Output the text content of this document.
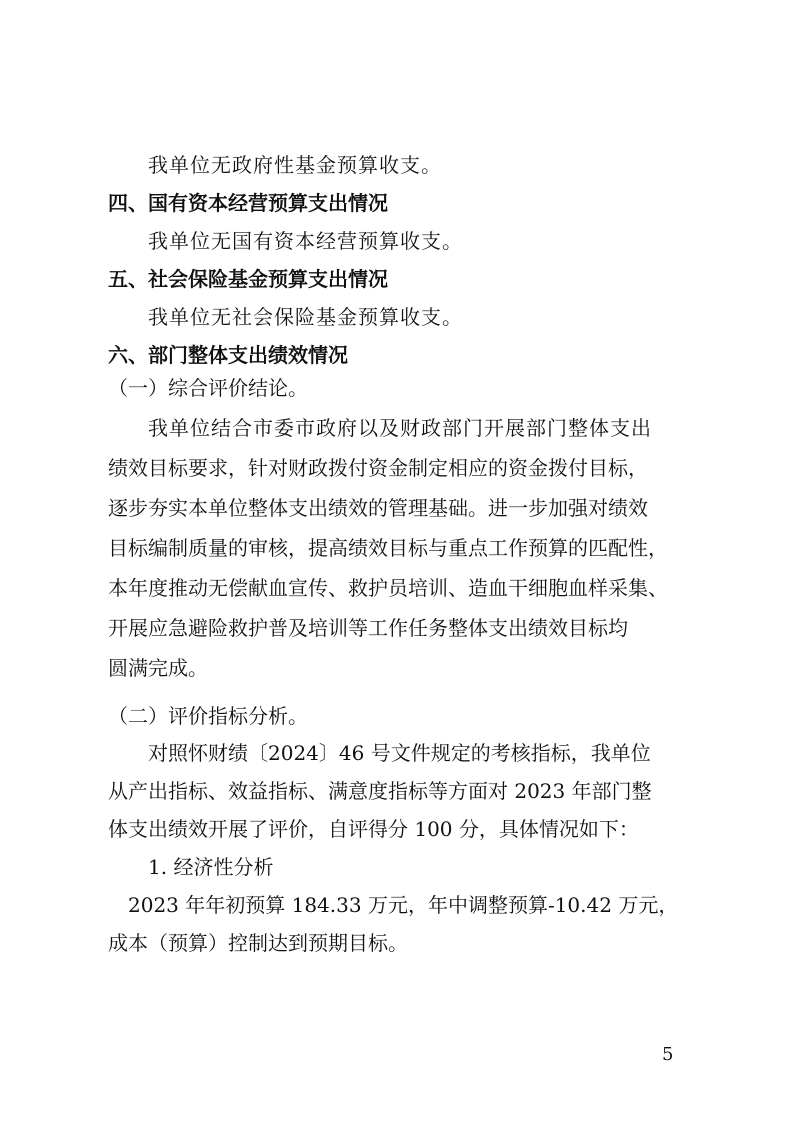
我单位无政府性基金预算收支。
四、国有资本经营预算支出情况
我单位无国有资本经营预算收支。
五、社会保险基金预算支出情况
我单位无社会保险基金预算收支。
六、部门整体支出绩效情况
（一）综合评价结论。
我单位结合市委市政府以及财政部门开展部门整体支出
绩效目标要求，针对财政拨付资金制定相应的资金拨付目标，
逐步夯实本单位整体支出绩效的管理基础。进一步加强对绩效
目标编制质量的审核，提高绩效目标与重点工作预算的匹配性，
本年度推动无偿献血宣传、救护员培训、造血干细胞血样采集、
开展应急避险救护普及培训等工作任务整体支出绩效目标均
圆满完成。
（二）评价指标分析。
对照怀财绩〔2024〕46 号文件规定的考核指标，我单位
从产出指标、效益指标、满意度指标等方面对 2023 年部门整
体支出绩效开展了评价，自评得分 100 分，具体情况如下：
1. 经济性分析
2023 年年初预算 184.33 万元，年中调整预算-10.42 万元，
成本（预算）控制达到预期目标。
5
